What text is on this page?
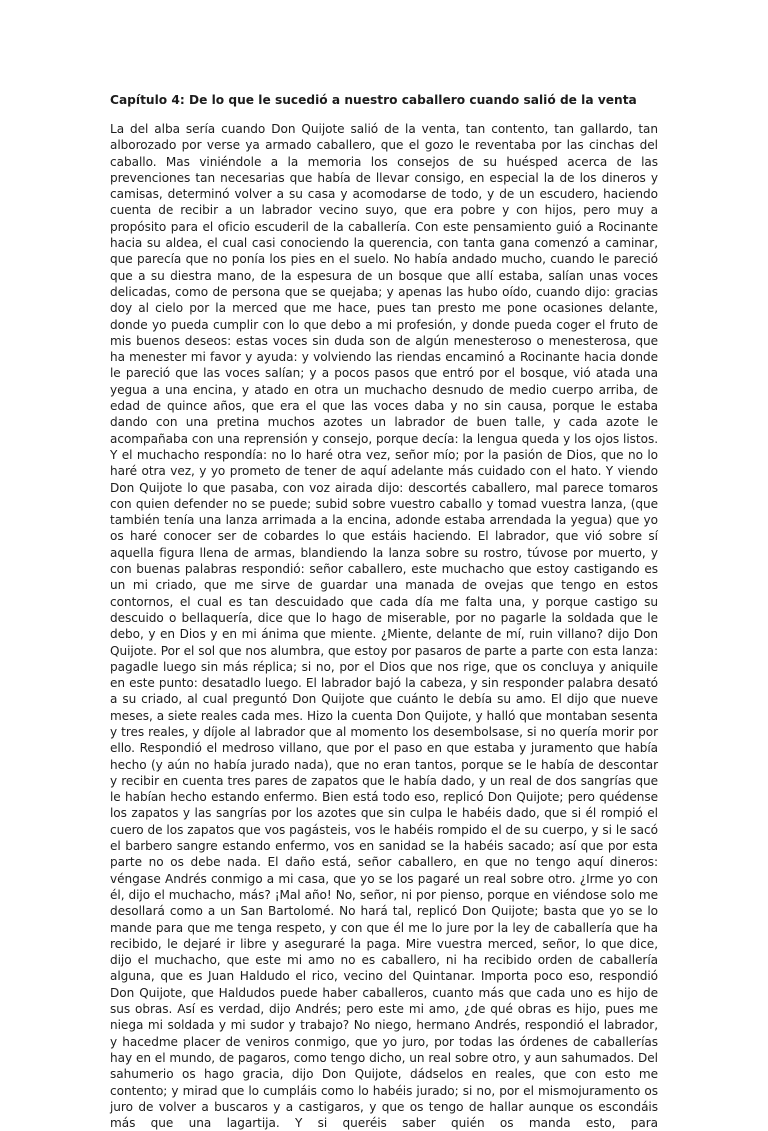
Capítulo 4: De lo que le sucedió a nuestro caballero cuando salió de la venta

La del alba sería cuando Don Quijote salió de la venta, tan contento, tan gallardo, tan alborozado por verse ya armado caballero, que el gozo le reventaba por las cinchas del caballo. Mas viniéndole a la memoria los consejos de su huésped acerca de las prevenciones tan necesarias que había de llevar consigo, en especial la de los dineros y camisas, determinó volver a su casa y acomodarse de todo, y de un escudero, haciendo cuenta de recibir a un labrador vecino suyo, que era pobre y con hijos, pero muy a propósito para el oficio escuderil de la caballería. Con este pensamiento guió a Rocinante hacia su aldea, el cual casi conociendo la querencia, con tanta gana comenzó a caminar, que parecía que no ponía los pies en el suelo. No había andado mucho, cuando le pareció que a su diestra mano, de la espesura de un bosque que allí estaba, salían unas voces delicadas, como de persona que se quejaba; y apenas las hubo oído, cuando dijo: gracias doy al cielo por la merced que me hace, pues tan presto me pone ocasiones delante, donde yo pueda cumplir con lo que debo a mi profesión, y donde pueda coger el fruto de mis buenos deseos: estas voces sin duda son de algún menesteroso o menesterosa, que ha menester mi favor y ayuda: y volviendo las riendas encaminó a Rocinante hacia donde le pareció que las voces salían; y a pocos pasos que entró por el bosque, vió atada una yegua a una encina, y atado en otra un muchacho desnudo de medio cuerpo arriba, de edad de quince años, que era el que las voces daba y no sin causa, porque le estaba dando con una pretina muchos azotes un labrador de buen talle, y cada azote le acompañaba con una reprensión y consejo, porque decía: la lengua queda y los ojos listos. Y el muchacho respondía: no lo haré otra vez, señor mío; por la pasión de Dios, que no lo haré otra vez, y yo prometo de tener de aquí adelante más cuidado con el hato. Y viendo Don Quijote lo que pasaba, con voz airada dijo: descortés caballero, mal parece tomaros con quien defender no se puede; subid sobre vuestro caballo y tomad vuestra lanza, (que también tenía una lanza arrimada a la encina, adonde estaba arrendada la yegua) que yo os haré conocer ser de cobardes lo que estáis haciendo. El labrador, que vió sobre sí aquella figura llena de armas, blandiendo la lanza sobre su rostro, túvose por muerto, y con buenas palabras respondió: señor caballero, este muchacho que estoy castigando es un mi criado, que me sirve de guardar una manada de ovejas que tengo en estos contornos, el cual es tan descuidado que cada día me falta una, y porque castigo su descuido o bellaquería, dice que lo hago de miserable, por no pagarle la soldada que le debo, y en Dios y en mi ánima que miente. ¿Miente, delante de mí, ruin villano? dijo Don Quijote. Por el sol que nos alumbra, que estoy por pasaros de parte a parte con esta lanza: pagadle luego sin más réplica; si no, por el Dios que nos rige, que os concluya y aniquile en este punto: desatadlo luego. El labrador bajó la cabeza, y sin responder palabra desató a su criado, al cual preguntó Don Quijote que cuánto le debía su amo. El dijo que nueve meses, a siete reales cada mes. Hizo la cuenta Don Quijote, y halló que montaban sesenta y tres reales, y díjole al labrador que al momento los desembolsase, si no quería morir por ello. Respondió el medroso villano, que por el paso en que estaba y juramento que había hecho (y aún no había jurado nada), que no eran tantos, porque se le había de descontar y recibir en cuenta tres pares de zapatos que le había dado, y un real de dos sangrías que le habían hecho estando enfermo. Bien está todo eso, replicó Don Quijote; pero quédense los zapatos y las sangrías por los azotes que sin culpa le habéis dado, que si él rompió el cuero de los zapatos que vos pagásteis, vos le habéis rompido el de su cuerpo, y si le sacó el barbero sangre estando enfermo, vos en sanidad se la habéis sacado; así que por esta parte no os debe nada. El daño está, señor caballero, en que no tengo aquí dineros: véngase Andrés conmigo a mi casa, que yo se los pagaré un real sobre otro. ¿Irme yo con él, dijo el muchacho, más? ¡Mal año! No, señor, ni por pienso, porque en viéndose solo me desollará como a un San Bartolomé. No hará tal, replicó Don Quijote; basta que yo se lo mande para que me tenga respeto, y con que él me lo jure por la ley de caballería que ha recibido, le dejaré ir libre y aseguraré la paga. Mire vuestra merced, señor, lo que dice, dijo el muchacho, que este mi amo no es caballero, ni ha recibido orden de caballería alguna, que es Juan Haldudo el rico, vecino del Quintanar. Importa poco eso, respondió Don Quijote, que Haldudos puede haber caballeros, cuanto más que cada uno es hijo de sus obras. Así es verdad, dijo Andrés; pero este mi amo, ¿de qué obras es hijo, pues me niega mi soldada y mi sudor y trabajo? No niego, hermano Andrés, respondió el labrador, y hacedme placer de veniros conmigo, que yo juro, por todas las órdenes de caballerías hay en el mundo, de pagaros, como tengo dicho, un real sobre otro, y aun sahumados. Del sahumerio os hago gracia, dijo Don Quijote, dádselos en reales, que con esto me contento; y mirad que lo cumpláis como lo habéis jurado; si no, por el mismojuramento os juro de volver a buscaros y a castigaros, y que os tengo de hallar aunque os escondáis más que una lagartija. Y si queréis saber quién os manda esto, para
